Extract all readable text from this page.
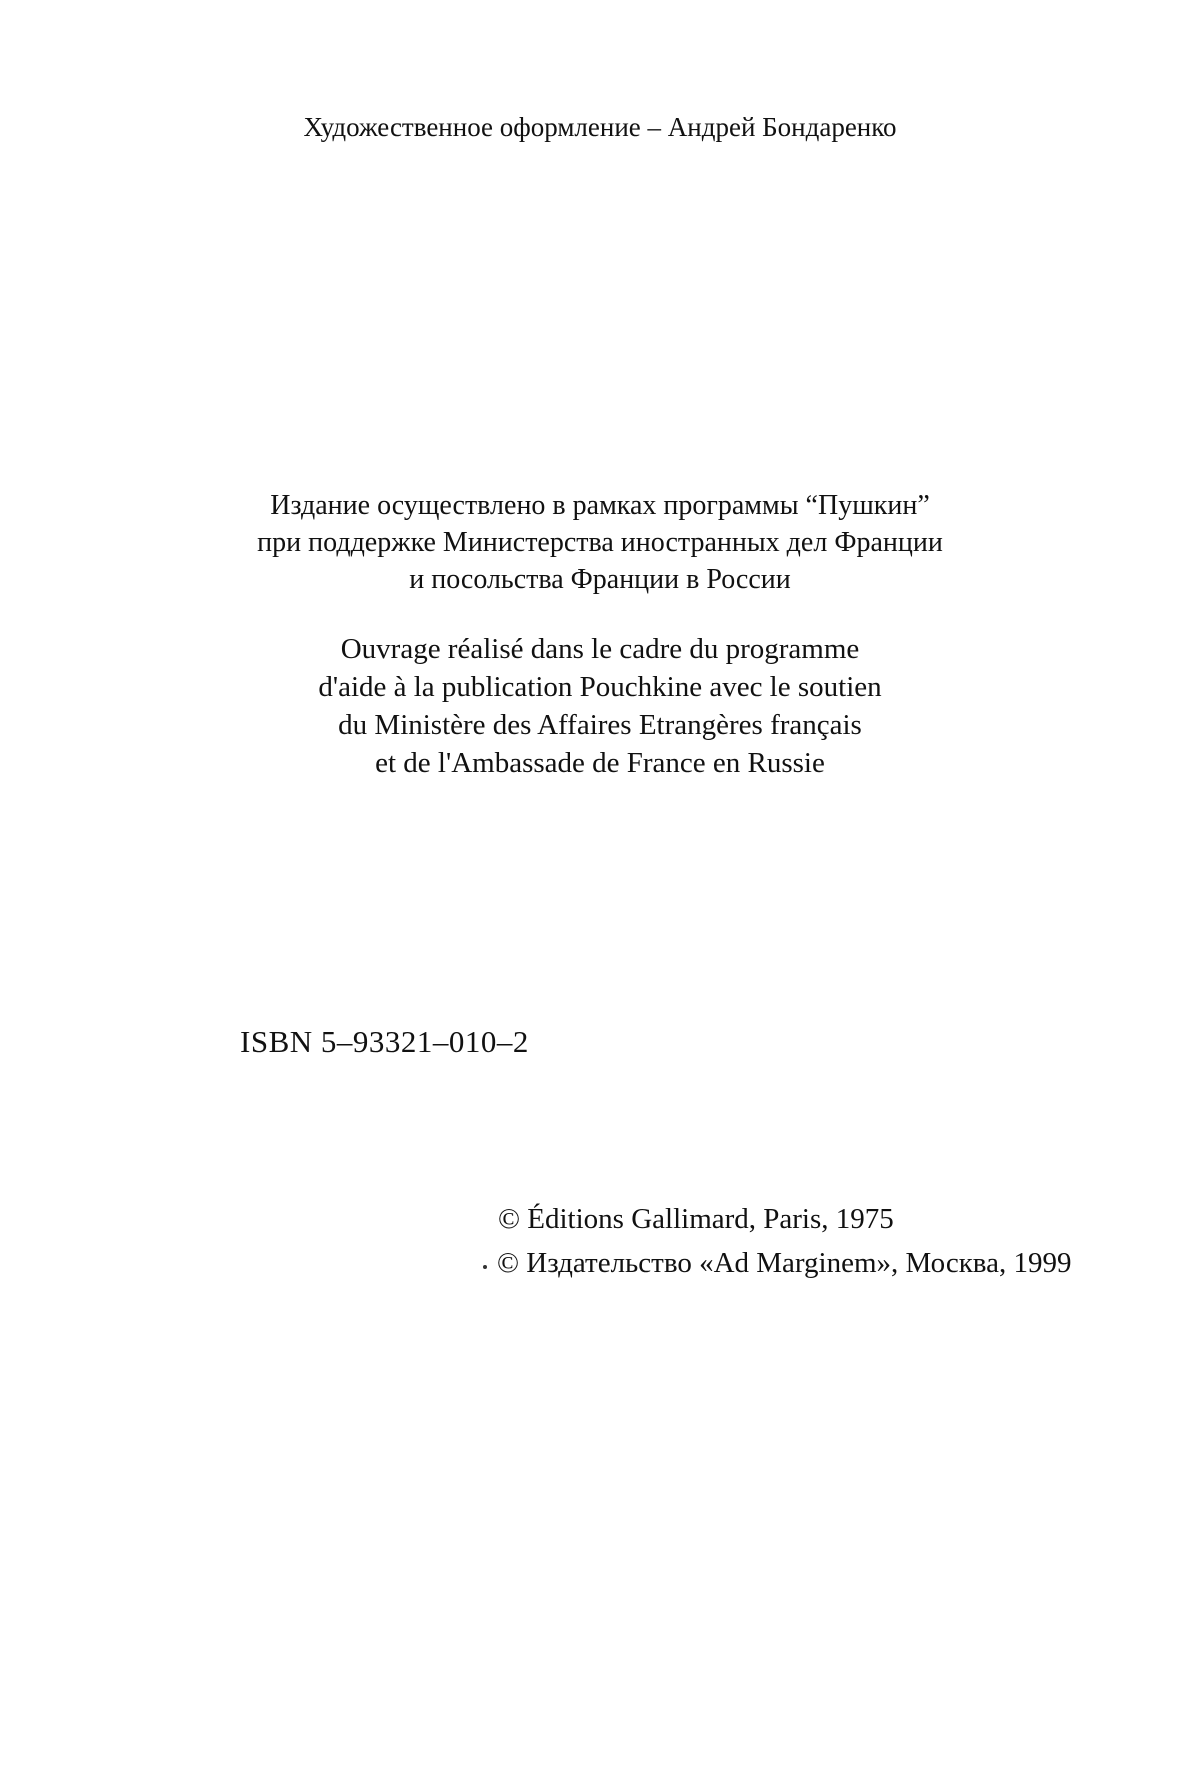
Художественное оформление – Андрей Бондаренко
Издание осуществлено в рамках программы “Пушкин”
при поддержке Министерства иностранных дел Франции
и посольства Франции в России
Ouvrage réalisé dans le cadre du programme
d'aide à la publication Pouchkine avec le soutien
du Ministère des Affaires Etrangères français
et de l'Ambassade de France en Russie
ISBN 5–93321–010–2
© Éditions Gallimard, Paris, 1975
© Издательство «Ad Marginem», Москва, 1999
